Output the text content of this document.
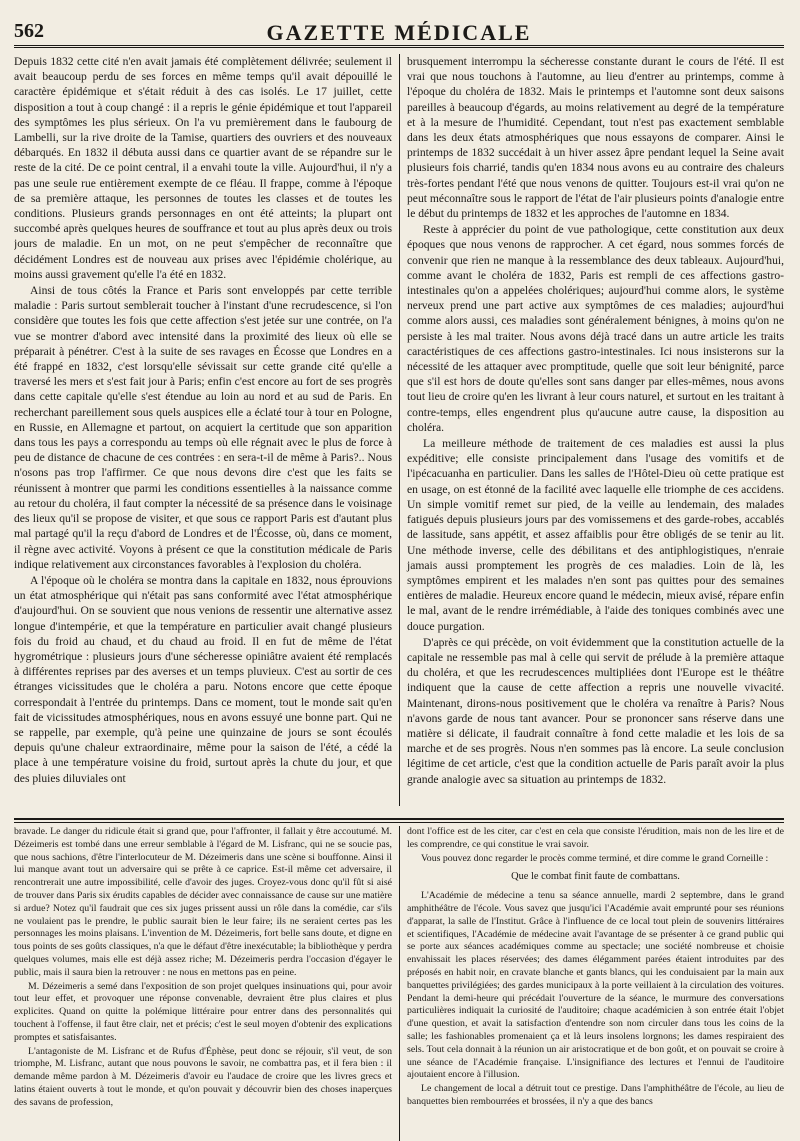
562	GAZETTE MÉDICALE

Depuis 1832 cette cité n'en avait jamais été complètement délivrée; seulement il avait beaucoup perdu de ses forces en même temps qu'il avait dépouillé le caractère épidémique et s'était réduit à des cas isolés. Le 17 juillet, cette disposition a tout à coup changé : il a repris le génie épidémique et tout l'appareil des symptômes les plus sérieux. On l'a vu premièrement dans le faubourg de Lambelli, sur la rive droite de la Tamise, quartiers des ouvriers et des nouveaux débarqués. En 1832 il débuta aussi dans ce quartier avant de se répandre sur le reste de la cité. De ce point central, il a envahi toute la ville. Aujourd'hui, il n'y a pas une seule rue entièrement exempte de ce fléau. Il frappe, comme à l'époque de sa première attaque, les personnes de toutes les classes et de toutes les conditions. Plusieurs grands personnages en ont été atteints; la plupart ont succombé après quelques heures de souffrance et tout au plus après deux ou trois jours de maladie. En un mot, on ne peut s'empêcher de reconnaître que décidément Londres est de nouveau aux prises avec l'épidémie cholérique, au moins aussi gravement qu'elle l'a été en 1832.

Ainsi de tous côtés la France et Paris sont enveloppés par cette terrible maladie : Paris surtout semblerait toucher à l'instant d'une recrudescence, si l'on considère que toutes les fois que cette affection s'est jetée sur une contrée, on l'a vue se montrer d'abord avec intensité dans la proximité des lieux où elle se préparait à pénétrer. C'est à la suite de ses ravages en Écosse que Londres en a été frappé en 1832, c'est lorsqu'elle sévissait sur cette grande cité qu'elle a traversé les mers et s'est fait jour à Paris; enfin c'est encore au fort de ses progrès dans cette capitale qu'elle s'est étendue au loin au nord et au sud de Paris. En recherchant pareillement sous quels auspices elle a éclaté tour à tour en Pologne, en Russie, en Allemagne et partout, on acquiert la certitude que son apparition dans tous les pays a correspondu au temps où elle régnait avec le plus de force à peu de distance de chacune de ces contrées : en sera-t-il de même à Paris?.. Nous n'osons pas trop l'affirmer. Ce que nous devons dire c'est que les faits se réunissent à montrer que parmi les conditions essentielles à la naissance comme au retour du choléra, il faut compter la nécessité de sa présence dans le voisinage des lieux qu'il se propose de visiter, et que sous ce rapport Paris est d'autant plus mal partagé qu'il la reçu d'abord de Londres et de l'Écosse, où, dans ce moment, il règne avec activité. Voyons à présent ce que la constitution médicale de Paris indique relativement aux circonstances favorables à l'explosion du choléra.

A l'époque où le choléra se montra dans la capitale en 1832, nous éprouvions un état atmosphérique qui n'était pas sans conformité avec l'état atmosphérique d'aujourd'hui. On se souvient que nous venions de ressentir une alternative assez longue d'intempérie, et que la température en particulier avait changé plusieurs fois du froid au chaud, et du chaud au froid. Il en fut de même de l'état hygrométrique : plusieurs jours d'une sécheresse opiniâtre avaient été remplacés à différentes reprises par des averses et un temps pluvieux. C'est au sortir de ces étranges vicissitudes que le choléra a paru. Notons encore que cette époque correspondait à l'entrée du printemps. Dans ce moment, tout le monde sait qu'en fait de vicissitudes atmosphériques, nous en avons essuyé une bonne part. Qui ne se rappelle, par exemple, qu'à peine une quinzaine de jours se sont écoulés depuis qu'une chaleur extraordinaire, même pour la saison de l'été, a cédé la place à une température voisine du froid, surtout après la chute du jour, et que des pluies diluviales ont

brusquement interrompu la sécheresse constante durant le cours de l'été. Il est vrai que nous touchons à l'automne, au lieu d'entrer au printemps, comme à l'époque du choléra de 1832. Mais le printemps et l'automne sont deux saisons pareilles à beaucoup d'égards, au moins relativement au degré de la température et à la mesure de l'humidité. Cependant, tout n'est pas exactement semblable dans les deux états atmosphériques que nous essayons de comparer. Ainsi le printemps de 1832 succédait à un hiver assez âpre pendant lequel la Seine avait plusieurs fois charrié, tandis qu'en 1834 nous avons eu au contraire des chaleurs très-fortes pendant l'été que nous venons de quitter. Toujours est-il vrai qu'on ne peut méconnaître sous le rapport de l'état de l'air plusieurs points d'analogie entre le début du printemps de 1832 et les approches de l'automne en 1834.

Reste à apprécier du point de vue pathologique, cette constitution aux deux époques que nous venons de rapprocher. A cet égard, nous sommes forcés de convenir que rien ne manque à la ressemblance des deux tableaux. Aujourd'hui, comme avant le choléra de 1832, Paris est rempli de ces affections gastro-intestinales qu'on a appelées cholériques; aujourd'hui comme alors, le système nerveux prend une part active aux symptômes de ces maladies; aujourd'hui comme alors aussi, ces maladies sont généralement bénignes, à moins qu'on ne persiste à les mal traiter. Nous avons déjà tracé dans un autre article les traits caractéristiques de ces affections gastro-intestinales. Ici nous insisterons sur la nécessité de les attaquer avec promptitude, quelle que soit leur bénignité, parce que s'il est hors de doute qu'elles sont sans danger par elles-mêmes, nous avons tout lieu de croire qu'en les livrant à leur cours naturel, et surtout en les traitant à contre-temps, elles engendrent plus qu'aucune autre cause, la disposition au choléra.

La meilleure méthode de traitement de ces maladies est aussi la plus expéditive; elle consiste principalement dans l'usage des vomitifs et de l'ipécacuanha en particulier. Dans les salles de l'Hôtel-Dieu où cette pratique est en usage, on est étonné de la facilité avec laquelle elle triomphe de ces accidens. Un simple vomitif remet sur pied, de la veille au lendemain, des malades fatigués depuis plusieurs jours par des vomissemens et des garde-robes, accablés de lassitude, sans appétit, et assez affaiblis pour être obligés de se tenir au lit. Une méthode inverse, celle des débilitans et des antiphlogistiques, n'enraie jamais aussi promptement les progrès de ces maladies. Loin de là, les symptômes empirent et les malades n'en sont pas quittes pour des semaines entières de maladie. Heureux encore quand le médecin, mieux avisé, répare enfin le mal, avant de le rendre irrémédiable, à l'aide des toniques combinés avec une douce purgation.

D'après ce qui précède, on voit évidemment que la constitution actuelle de la capitale ne ressemble pas mal à celle qui servit de prélude à la première attaque du choléra, et que les recrudescences multipliées dont l'Europe est le théâtre indiquent que la cause de cette affection a repris une nouvelle vivacité. Maintenant, dirons-nous positivement que le choléra va renaître à Paris? Nous n'avons garde de nous tant avancer. Pour se prononcer sans réserve dans une matière si délicate, il faudrait connaître à fond cette maladie et les lois de sa marche et de ses progrès. Nous n'en sommes pas là encore. La seule conclusion légitime de cet article, c'est que la condition actuelle de Paris paraît avoir la plus grande analogie avec sa situation au printemps de 1832.

bravade. Le danger du ridicule était si grand que, pour l'affronter, il fallait y être accoutumé. M. Dézeimeris est tombé dans une erreur semblable à l'égard de M. Lisfranc, qui ne se soucie pas, que nous sachions, d'être l'interlocuteur de M. Dézeimeris dans une scène si bouffonne. Ainsi il lui manque avant tout un adversaire qui se prête à ce caprice. Est-il même cet adversaire, il rencontrerait une autre impossibilité, celle d'avoir des juges. Croyez-vous donc qu'il fût si aisé de trouver dans Paris six érudits capables de décider avec connaissance de cause sur une matière si ardue? Notez qu'il faudrait que ces six juges prissent aussi un rôle dans la comédie, car s'ils ne voulaient pas le prendre, le public saurait bien le leur faire; ils ne seraient certes pas les personnages les moins plaisans. L'invention de M. Dézeimeris, fort belle sans doute, et digne en tous points de ses goûts classiques, n'a que le défaut d'être inexécutable; la bibliothèque y perdra quelques volumes, mais elle est déjà assez riche; M. Dézeimeris perdra l'occasion d'égayer le public, mais il saura bien la retrouver : ne nous en mettons pas en peine.

M. Dézeimeris a semé dans l'exposition de son projet quelques insinuations qui, pour avoir tout leur effet, et provoquer une réponse convenable, devraient être plus claires et plus explicites. Quand on quitte la polémique littéraire pour entrer dans des personnalités qui touchent à l'offense, il faut être clair, net et précis; c'est le seul moyen d'obtenir des explications promptes et satisfaisantes.

L'antagoniste de M. Lisfranc et de Rufus d'Éphèse, peut donc se réjouir, s'il veut, de son triomphe, M. Lisfranc, autant que nous pouvons le savoir, ne combattra pas, et il fera bien : il demande même pardon à M. Dézeimeris d'avoir eu l'audace de croire que les livres grecs et latins étaient ouverts à tout le monde, et qu'on pouvait y découvrir bien des choses inaperçues des savans de profession,

dont l'office est de les citer, car c'est en cela que consiste l'érudition, mais non de les lire et de les comprendre, ce qui constitue le vrai savoir.

Vous pouvez donc regarder le procès comme terminé, et dire comme le grand Corneille :

Que le combat finit faute de combattans.

L'Académie de médecine a tenu sa séance annuelle, mardi 2 septembre, dans le grand amphithéâtre de l'école. Vous savez que jusqu'ici l'Académie avait emprunté pour ses réunions d'apparat, la salle de l'Institut. Grâce à l'influence de ce local tout plein de souvenirs littéraires et scientifiques, l'Académie de médecine avait l'avantage de se présenter à ce grand public qui se porte aux séances académiques comme au spectacle; une société nombreuse et choisie envahissait les places réservées; des dames élégamment parées étaient introduites par des préposés en habit noir, en cravate blanche et gants blancs, qui les conduisaient par la main aux banquettes privilégiées; des gardes municipaux à la porte veillaient à la circulation des voitures. Pendant la demi-heure qui précédait l'ouverture de la séance, le murmure des conversations particulières indiquait la curiosité de l'auditoire; chaque académicien à son entrée était l'objet d'une question, et avait la satisfaction d'entendre son nom circuler dans tous les coins de la salle; les fashionables promenaient ça et là leurs insolens lorgnons; les dames respiraient des sels. Tout cela donnait à la réunion un air aristocratique et de bon goût, et on pouvait se croire à une séance de l'Académie française. L'insignifiance des lectures et l'ennui de l'auditoire ajoutaient encore à l'illusion.

Le changement de local a détruit tout ce prestige. Dans l'amphithéâtre de l'école, au lieu de banquettes bien rembourrées et brossées, il n'y a que des bancs
